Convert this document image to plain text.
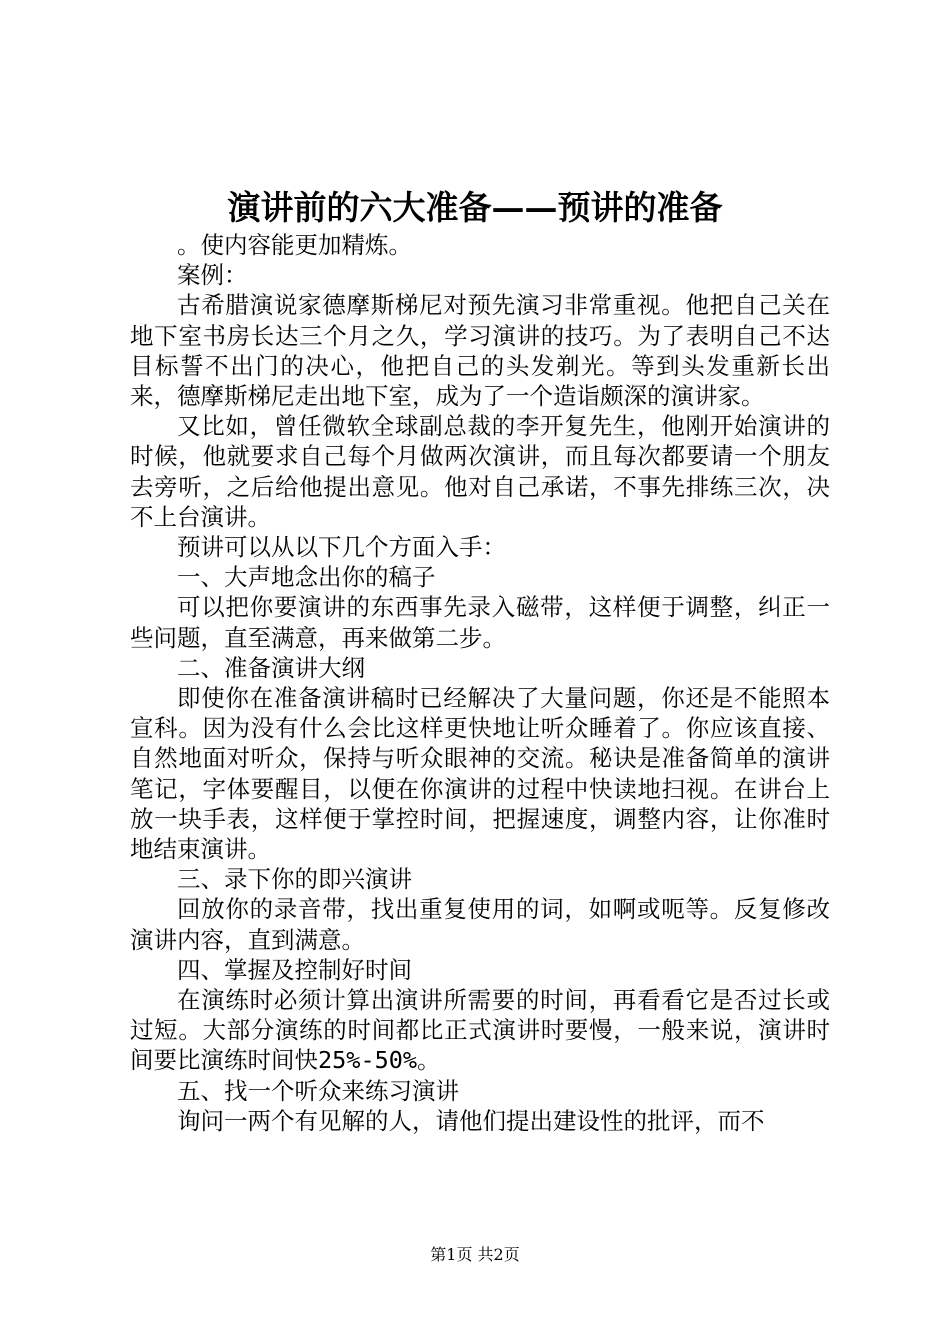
演讲前的六大准备——预讲的准备

。使内容能更加精炼。

案例：

古希腊演说家德摩斯梯尼对预先演习非常重视。他把自己关在地下室书房长达三个月之久，学习演讲的技巧。为了表明自己不达目标誓不出门的决心，他把自己的头发剃光。等到头发重新长出来，德摩斯梯尼走出地下室，成为了一个造诣颇深的演讲家。

又比如，曾任微软全球副总裁的李开复先生，他刚开始演讲的时候，他就要求自己每个月做两次演讲，而且每次都要请一个朋友去旁听，之后给他提出意见。他对自己承诺，不事先排练三次，决不上台演讲。

预讲可以从以下几个方面入手：

一、大声地念出你的稿子

可以把你要演讲的东西事先录入磁带，这样便于调整，纠正一些问题，直至满意，再来做第二步。

二、准备演讲大纲

即使你在准备演讲稿时已经解决了大量问题，你还是不能照本宣科。因为没有什么会比这样更快地让听众睡着了。你应该直接、自然地面对听众，保持与听众眼神的交流。秘诀是准备简单的演讲笔记，字体要醒目，以便在你演讲的过程中快读地扫视。在讲台上放一块手表，这样便于掌控时间，把握速度，调整内容，让你准时地结束演讲。

三、录下你的即兴演讲

回放你的录音带，找出重复使用的词，如啊或呃等。反复修改演讲内容，直到满意。

四、掌握及控制好时间

在演练时必须计算出演讲所需要的时间，再看看它是否过长或过短。大部分演练的时间都比正式演讲时要慢，一般来说，演讲时间要比演练时间快25%-50%。

五、找一个听众来练习演讲

询问一两个有见解的人，请他们提出建设性的批评，而不

第1页 共2页
